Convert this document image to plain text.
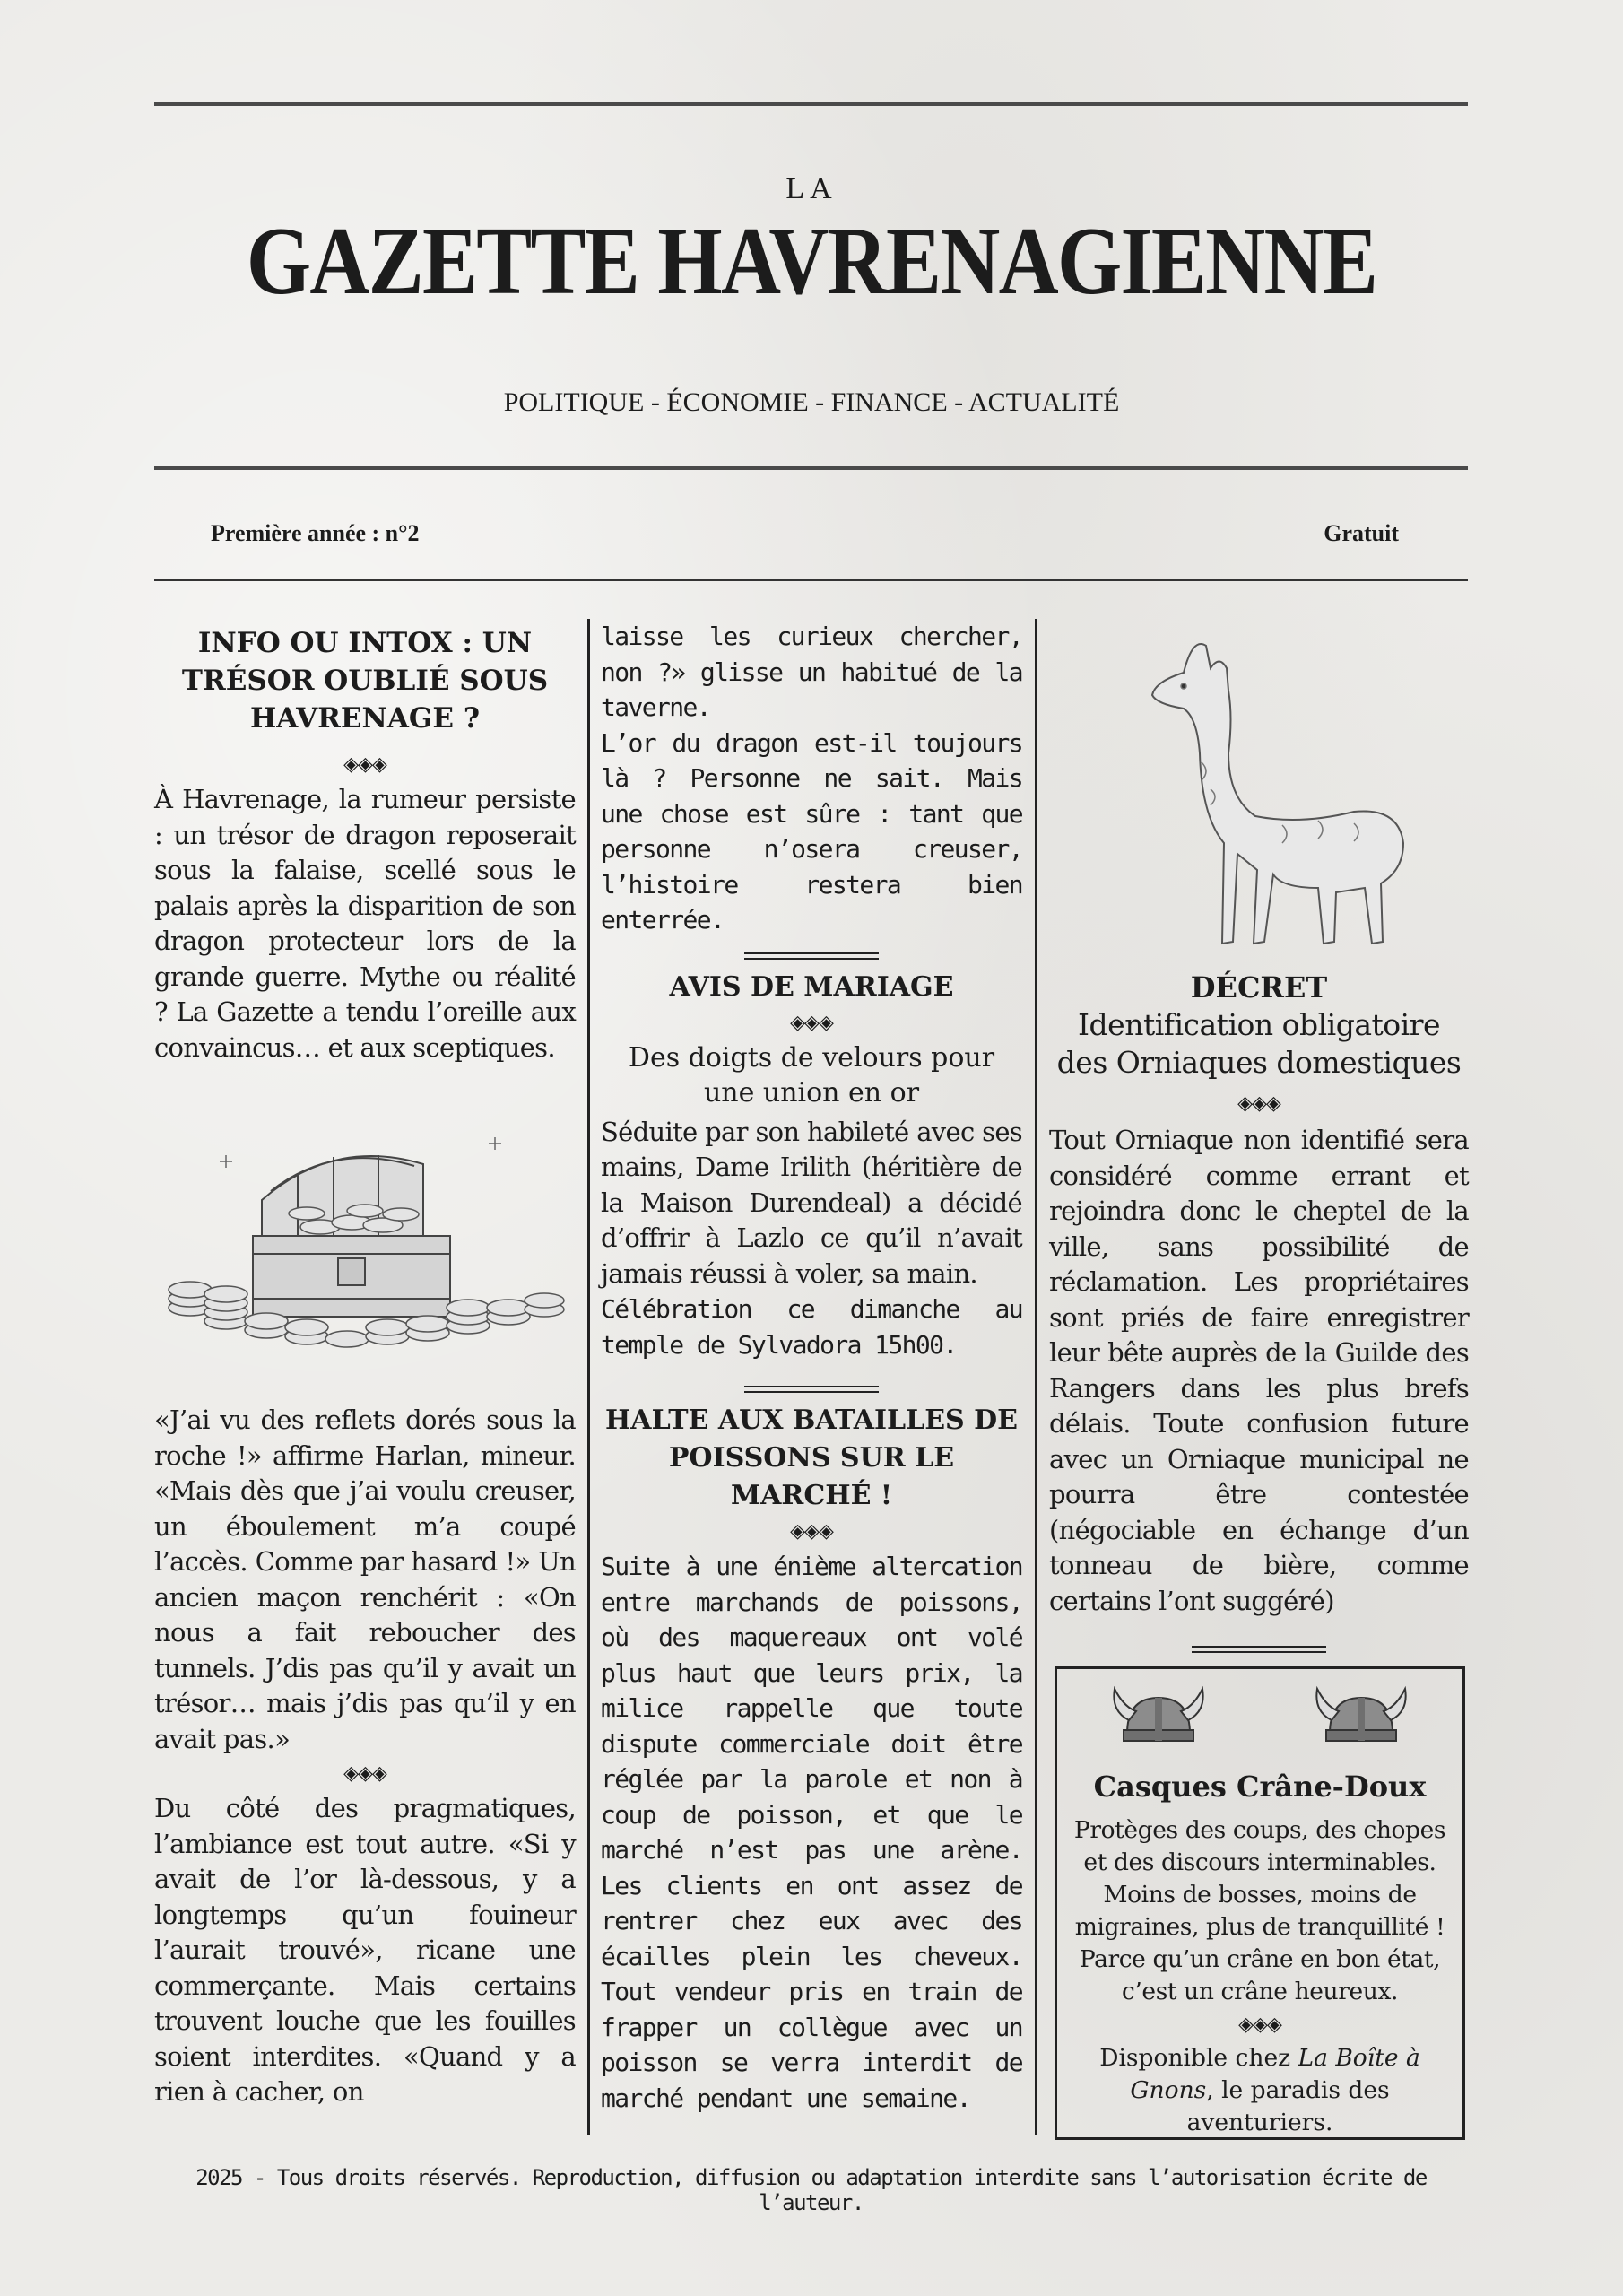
LA
GAZETTE HAVRENAGIENNE
POLITIQUE - ÉCONOMIE - FINANCE - ACTUALITÉ
Première année : n°2	Gratuit
INFO OU INTOX : UN TRÉSOR OUBLIÉ SOUS HAVRENAGE ?
◈◈◈

À Havrenage, la rumeur persiste : un trésor de dragon reposerait sous la falaise, scellé sous le palais après la disparition de son dragon protecteur lors de la grande guerre. Mythe ou réalité ? La Gazette a tendu l’oreille aux convaincus… et aux sceptiques.

«J’ai vu des reflets dorés sous la roche !» affirme Harlan, mineur. «Mais dès que j’ai voulu creuser, un éboulement m’a coupé l’accès. Comme par hasard !» Un ancien maçon renchérit : «On nous a fait reboucher des tunnels. J’dis pas qu’il y avait un trésor… mais j’dis pas qu’il y en avait pas.»

◈◈◈

Du côté des pragmatiques, l’ambiance est tout autre. «Si y avait de l’or là-dessous, y a longtemps qu’un fouineur l’aurait trouvé», ricane une commerçante. Mais certains trouvent louche que les fouilles soient interdites. «Quand y a rien à cacher, on

laisse les curieux chercher, non ?» glisse un habitué de la taverne.

L’or du dragon est-il toujours là ? Personne ne sait. Mais une chose est sûre : tant que personne n’osera creuser, l’histoire restera bien enterrée.

AVIS DE MARIAGE
◈◈◈

Des doigts de velours pour une union en or

Séduite par son habileté avec ses mains, Dame Irilith (héritière de la Maison Durendeal) a décidé d’offrir à Lazlo ce qu’il n’avait jamais réussi à voler, sa main.

Célébration ce dimanche au temple de Sylvadora 15h00.

HALTE AUX BATAILLES DE POISSONS SUR LE MARCHÉ !
◈◈◈

Suite à une énième altercation entre marchands de poissons, où des maquereaux ont volé plus haut que leurs prix, la milice rappelle que toute dispute commerciale doit être réglée par la parole et non à coup de poisson, et que le marché n’est pas une arène. Les clients en ont assez de rentrer chez eux avec des écailles plein les cheveux. Tout vendeur pris en train de frapper un collègue avec un poisson se verra interdit de marché pendant une semaine.

DÉCRET

Identification obligatoire des Orniaques domestiques

◈◈◈

Tout Orniaque non identifié sera considéré comme errant et rejoindra donc le cheptel de la ville, sans possibilité de réclamation. Les propriétaires sont priés de faire enregistrer leur bête auprès de la Guilde des Rangers dans les plus brefs délais. Toute confusion future avec un Orniaque municipal ne pourra être contestée (négociable en échange d’un tonneau de bière, comme certains l’ont suggéré)

Casques Crâne-Doux

Protèges des coups, des chopes et des discours interminables. Moins de bosses, moins de migraines, plus de tranquillité ! Parce qu’un crâne en bon état, c’est un crâne heureux.

◈◈◈

Disponible chez La Boîte à Gnons, le paradis des aventuriers.

2025 - Tous droits réservés. Reproduction, diffusion ou adaptation interdite sans l’autorisation écrite de l’auteur.
